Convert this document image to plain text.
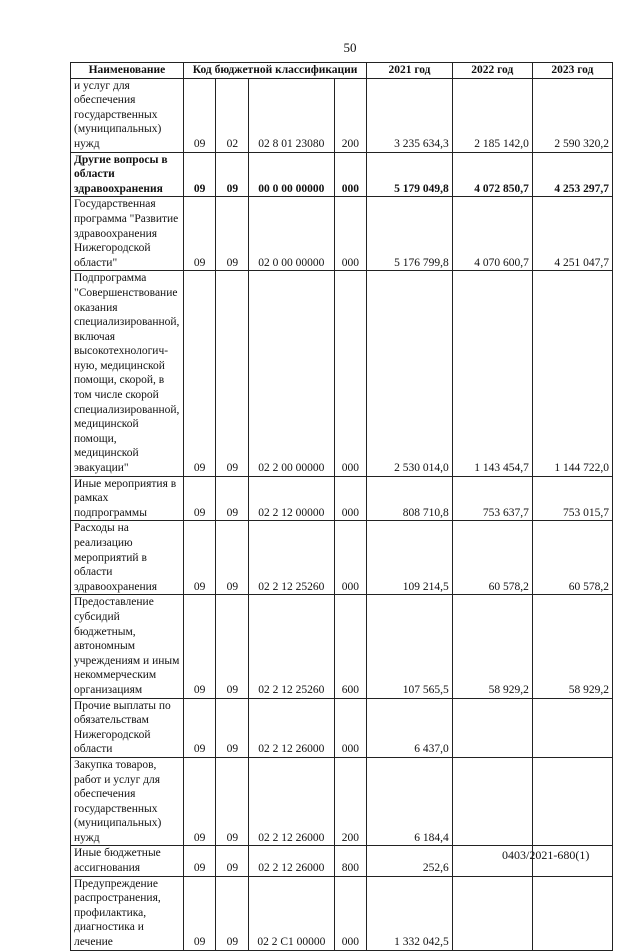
50
Наименование	Код бюджетной классификации				2021 год	2022 год	2023 год
и услуг для обеспечения государственных (муниципальных) нужд	09	02	02 8 01 23080	200	3 235 634,3	2 185 142,0	2 590 320,2
Другие вопросы в области здравоохранения	09	09	00 0 00 00000	000	5 179 049,8	4 072 850,7	4 253 297,7
Государственная программа "Развитие здравоохранения Нижегородской области"	09	09	02 0 00 00000	000	5 176 799,8	4 070 600,7	4 251 047,7
Подпрограмма "Совершенствование оказания специализированной, включая высокотехнологич-ную, медицинской помощи, скорой, в том числе скорой специализированной, медицинской помощи, медицинской эвакуации"	09	09	02 2 00 00000	000	2 530 014,0	1 143 454,7	1 144 722,0
Иные мероприятия в рамках подпрограммы	09	09	02 2 12 00000	000	808 710,8	753 637,7	753 015,7
Расходы на реализацию мероприятий в области здравоохранения	09	09	02 2 12 25260	000	109 214,5	60 578,2	60 578,2
Предоставление субсидий бюджетным, автономным учреждениям и иным некоммерческим организациям	09	09	02 2 12 25260	600	107 565,5	58 929,2	58 929,2
Прочие выплаты по обязательствам Нижегородской области	09	09	02 2 12 26000	000	6 437,0		
Закупка товаров, работ и услуг для обеспечения государственных (муниципальных) нужд	09	09	02 2 12 26000	200	6 184,4		
Иные бюджетные ассигнования	09	09	02 2 12 26000	800	252,6		
Предупреждение распространения, профилактика, диагностика и лечение	09	09	02 2 С1 00000	000	1 332 042,5		
0403/2021-680(1)
